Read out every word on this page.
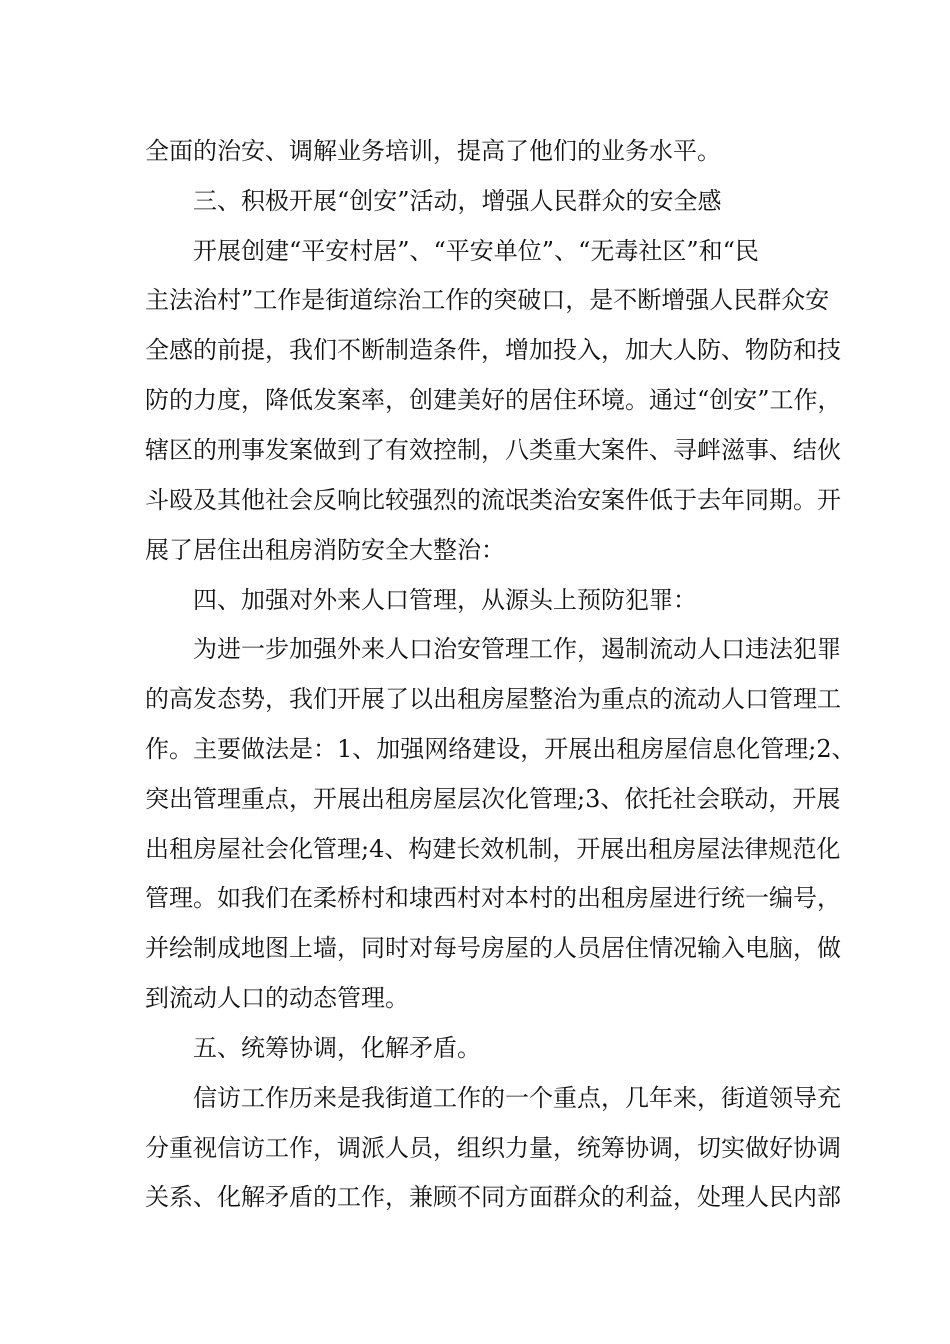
全面的治安、调解业务培训，提高了他们的业务水平。
三、积极开展“创安”活动，增强人民群众的安全感
开展创建“平安村居”、“平安单位”、“无毒社区”和“民
主法治村”工作是街道综治工作的突破口，是不断增强人民群众安
全感的前提，我们不断制造条件，增加投入，加大人防、物防和技
防的力度，降低发案率，创建美好的居住环境。通过“创安”工作，
辖区的刑事发案做到了有效控制，八类重大案件、寻衅滋事、结伙
斗殴及其他社会反响比较强烈的流氓类治安案件低于去年同期。开
展了居住出租房消防安全大整治：
四、加强对外来人口管理，从源头上预防犯罪：
为进一步加强外来人口治安管理工作，遏制流动人口违法犯罪
的高发态势，我们开展了以出租房屋整治为重点的流动人口管理工
作。主要做法是：1、加强网络建设，开展出租房屋信息化管理;2、
突出管理重点，开展出租房屋层次化管理;3、依托社会联动，开展
出租房屋社会化管理;4、构建长效机制，开展出租房屋法律规范化
管理。如我们在柔桥村和埭西村对本村的出租房屋进行统一编号，
并绘制成地图上墙，同时对每号房屋的人员居住情况输入电脑，做
到流动人口的动态管理。
五、统筹协调，化解矛盾。
信访工作历来是我街道工作的一个重点，几年来，街道领导充
分重视信访工作，调派人员，组织力量，统筹协调，切实做好协调
关系、化解矛盾的工作，兼顾不同方面群众的利益，处理人民内部
